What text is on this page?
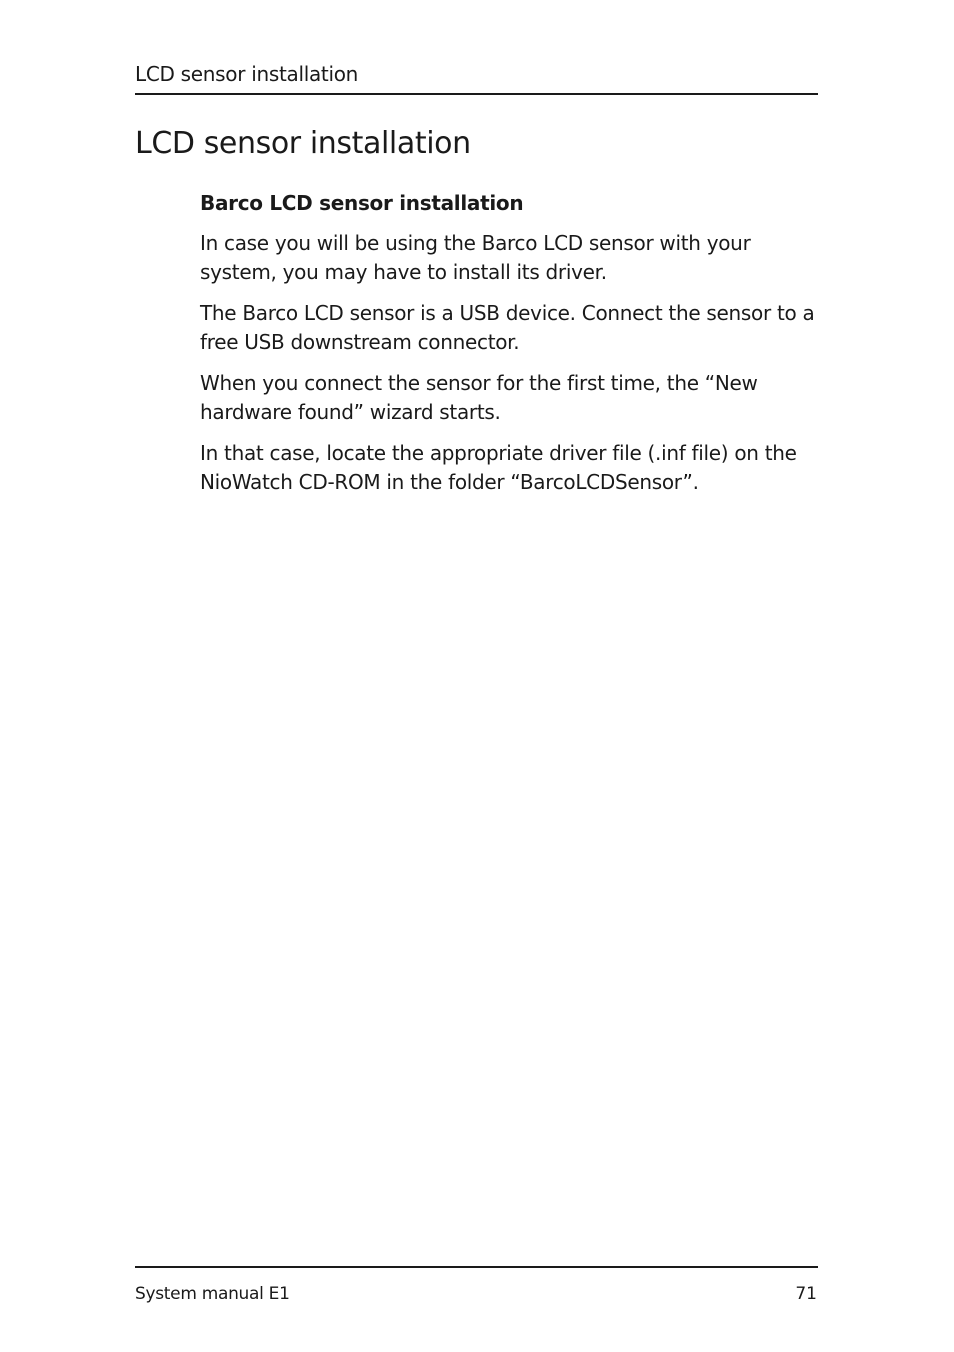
LCD sensor installation
LCD sensor installation
Barco LCD sensor installation

In case you will be using the Barco LCD sensor with your system, you may have to install its driver.

The Barco LCD sensor is a USB device. Connect the sensor to a free USB downstream connector.

When you connect the sensor for the first time, the “New hardware found” wizard starts.

In that case, locate the appropriate driver file (.inf file) on the NioWatch CD-ROM in the folder “BarcoLCDSensor”.

System manual E1	71
